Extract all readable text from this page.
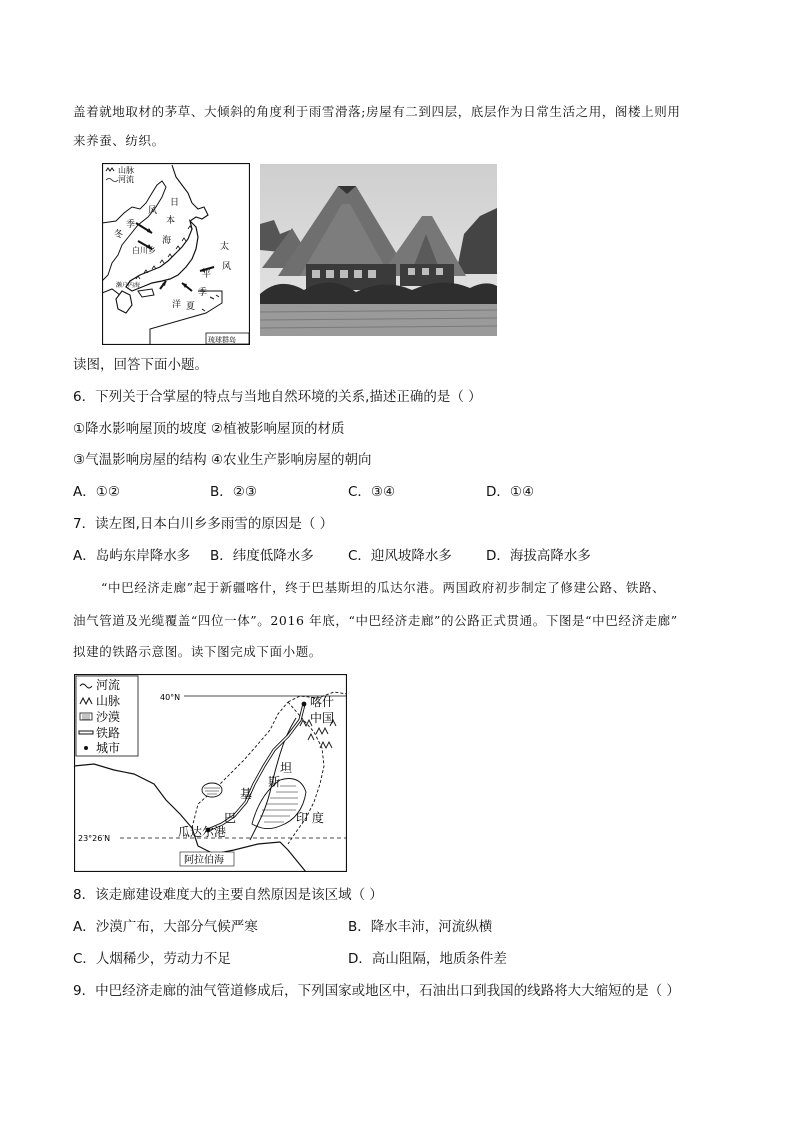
盖着就地取材的茅草、大倾斜的角度利于雨雪滑落;房屋有二到四层，底层作为日常生活之用，阁楼上则用
来养蚕、纺织。
山脉
河流
风
日
季	本
冬
海
白川乡	太
风
平
季
洋 夏
濑户内海
琉球群岛
读图，回答下面小题。
6．下列关于合掌屋的特点与当地自然环境的关系,描述正确的是（ ）
①降水影响屋顶的坡度 ②植被影响屋顶的材质
③气温影响房屋的结构 ④农业生产影响房屋的朝向
A．①②	B．②③	C．③④	D．①④
7．读左图,日本白川乡多雨雪的原因是（ ）
A．岛屿东岸降水多 B．纬度低降水多	C．迎风坡降水多	D．海拔高降水多
“中巴经济走廊”起于新疆喀什，终于巴基斯坦的瓜达尔港。两国政府初步制定了修建公路、铁路、
油气管道及光缆覆盖“四位一体”。2016 年底，“中巴经济走廊”的公路正式贯通。下图是“中巴经济走廊”
拟建的铁路示意图。读下图完成下面小题。
河流
山脉
沙漠
铁路
城市
40°N
23°26′N
喀什
中国
坦
斯
基
巴	印 度
瓜达尔港
阿拉伯海
8．该走廊建设难度大的主要自然原因是该区域（ ）
A．沙漠广布，大部分气候严寒	B．降水丰沛，河流纵横
C．人烟稀少，劳动力不足	D．高山阻隔，地质条件差
9．中巴经济走廊的油气管道修成后，下列国家或地区中，石油出口到我国的线路将大大缩短的是（ ）
